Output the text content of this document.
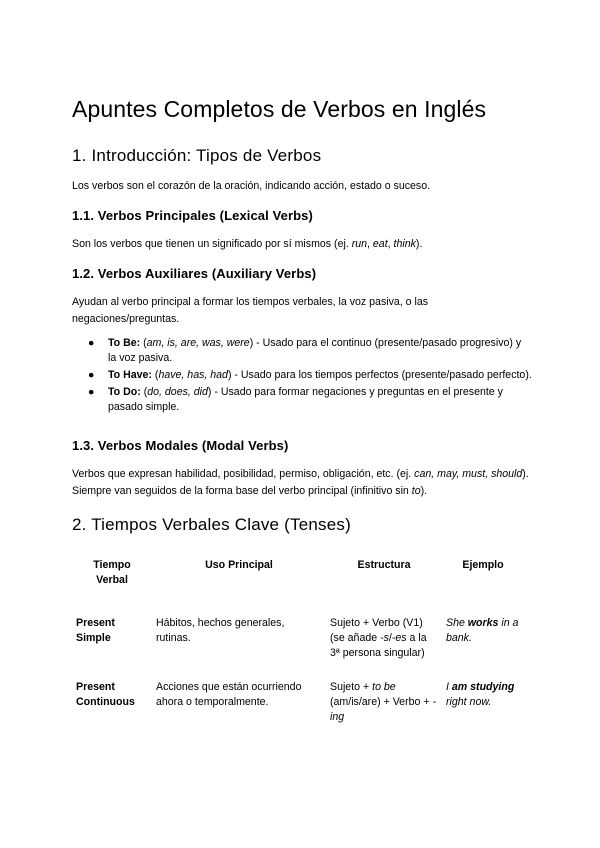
Apuntes Completos de Verbos en Inglés
1. Introducción: Tipos de Verbos

Los verbos son el corazón de la oración, indicando acción, estado o suceso.

1.1. Verbos Principales (Lexical Verbs)

Son los verbos que tienen un significado por sí mismos (ej. run, eat, think).

1.2. Verbos Auxiliares (Auxiliary Verbs)

Ayudan al verbo principal a formar los tiempos verbales, la voz pasiva, o las negaciones/preguntas.

● To Be: (am, is, are, was, were) - Usado para el continuo (presente/pasado progresivo) y la voz pasiva.
● To Have: (have, has, had) - Usado para los tiempos perfectos (presente/pasado perfecto).
● To Do: (do, does, did) - Usado para formar negaciones y preguntas en el presente y pasado simple.
1.3. Verbos Modales (Modal Verbs)

Verbos que expresan habilidad, posibilidad, permiso, obligación, etc. (ej. can, may, must, should). Siempre van seguidos de la forma base del verbo principal (infinitivo sin to).

2. Tiempos Verbales Clave (Tenses)
Tiempo Verbal	Uso Principal	Estructura	Ejemplo
Present Simple	Hábitos, hechos generales, rutinas.	Sujeto + Verbo (V1) (se añade -s/-es a la 3ª persona singular)	She works in a bank.
Present Continuous	Acciones que están ocurriendo ahora o temporalmente.	Sujeto + to be (am/is/are) + Verbo + -ing	I am studying right now.
